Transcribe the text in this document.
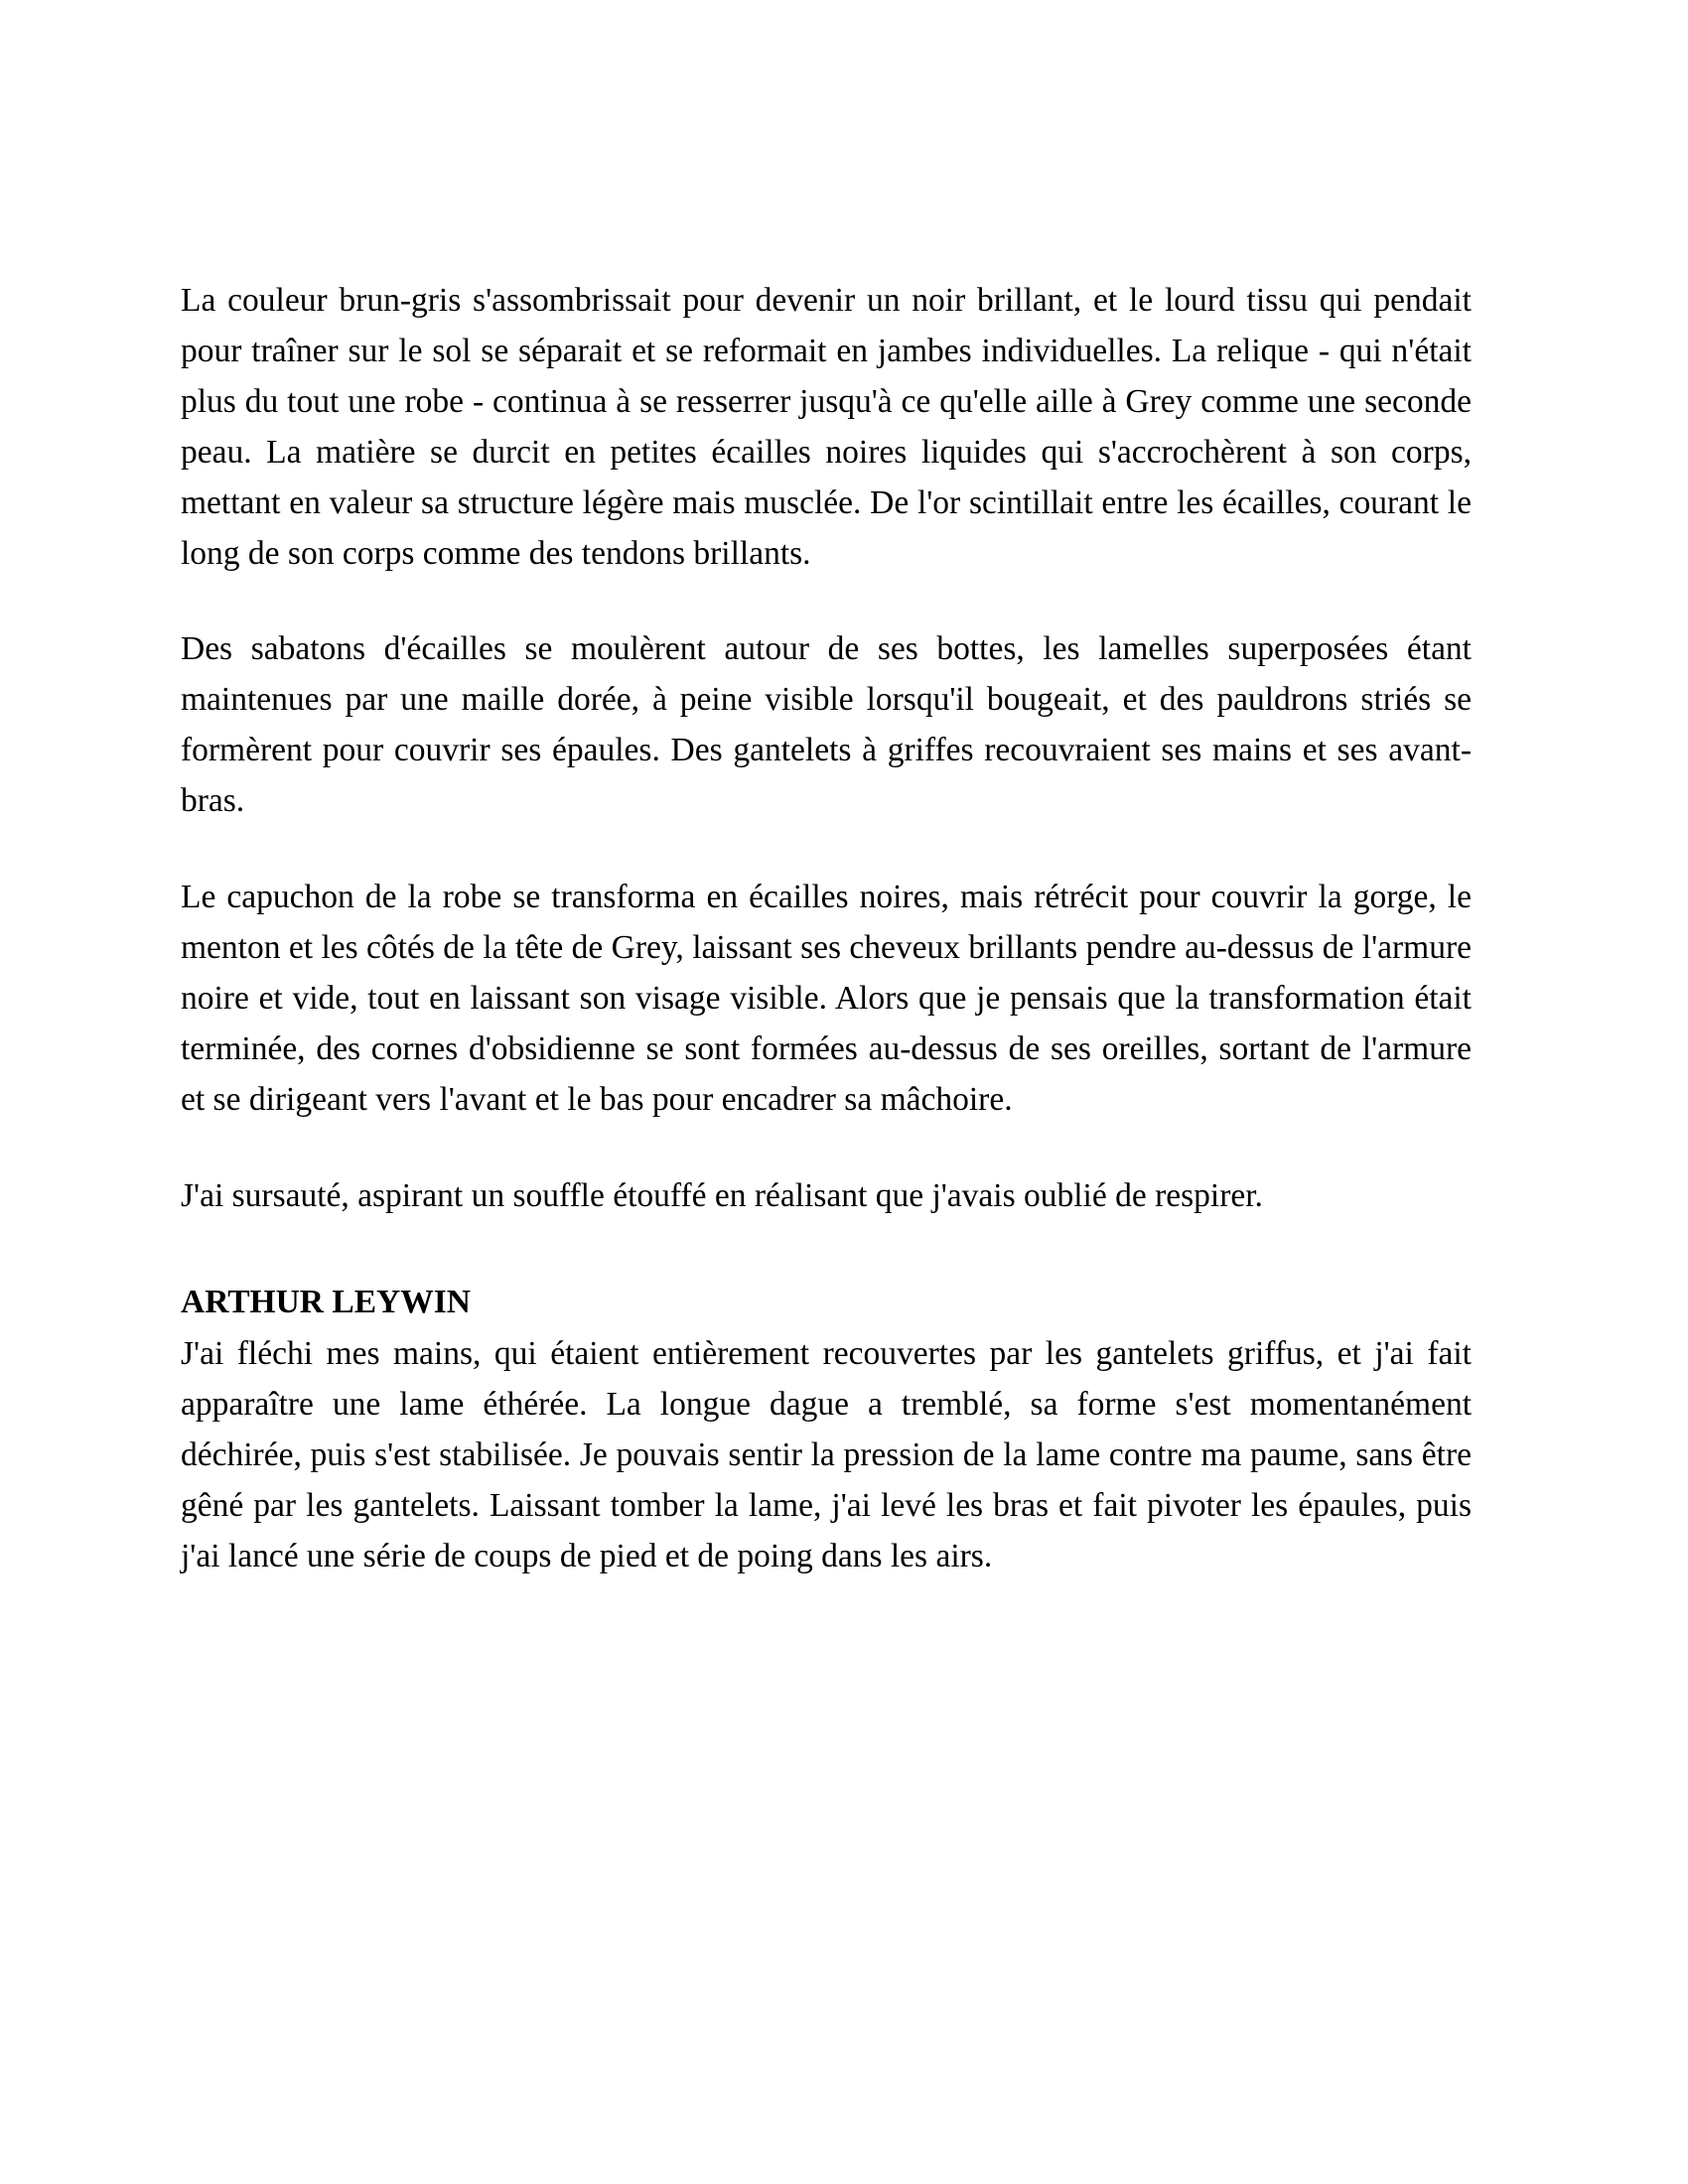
La couleur brun-gris s'assombrissait pour devenir un noir brillant, et le lourd tissu qui pendait pour traîner sur le sol se séparait et se reformait en jambes individuelles. La relique - qui n'était plus du tout une robe - continua à se resserrer jusqu'à ce qu'elle aille à Grey comme une seconde peau. La matière se durcit en petites écailles noires liquides qui s'accrochèrent à son corps, mettant en valeur sa structure légère mais musclée. De l'or scintillait entre les écailles, courant le long de son corps comme des tendons brillants.

Des sabatons d'écailles se moulèrent autour de ses bottes, les lamelles superposées étant maintenues par une maille dorée, à peine visible lorsqu'il bougeait, et des pauldrons striés se formèrent pour couvrir ses épaules. Des gantelets à griffes recouvraient ses mains et ses avant-bras.

Le capuchon de la robe se transforma en écailles noires, mais rétrécit pour couvrir la gorge, le menton et les côtés de la tête de Grey, laissant ses cheveux brillants pendre au-dessus de l'armure noire et vide, tout en laissant son visage visible. Alors que je pensais que la transformation était terminée, des cornes d'obsidienne se sont formées au-dessus de ses oreilles, sortant de l'armure et se dirigeant vers l'avant et le bas pour encadrer sa mâchoire.

J'ai sursauté, aspirant un souffle étouffé en réalisant que j'avais oublié de respirer.

ARTHUR LEYWIN

J'ai fléchi mes mains, qui étaient entièrement recouvertes par les gantelets griffus, et j'ai fait apparaître une lame éthérée. La longue dague a tremblé, sa forme s'est momentanément déchirée, puis s'est stabilisée. Je pouvais sentir la pression de la lame contre ma paume, sans être gêné par les gantelets. Laissant tomber la lame, j'ai levé les bras et fait pivoter les épaules, puis j'ai lancé une série de coups de pied et de poing dans les airs.
